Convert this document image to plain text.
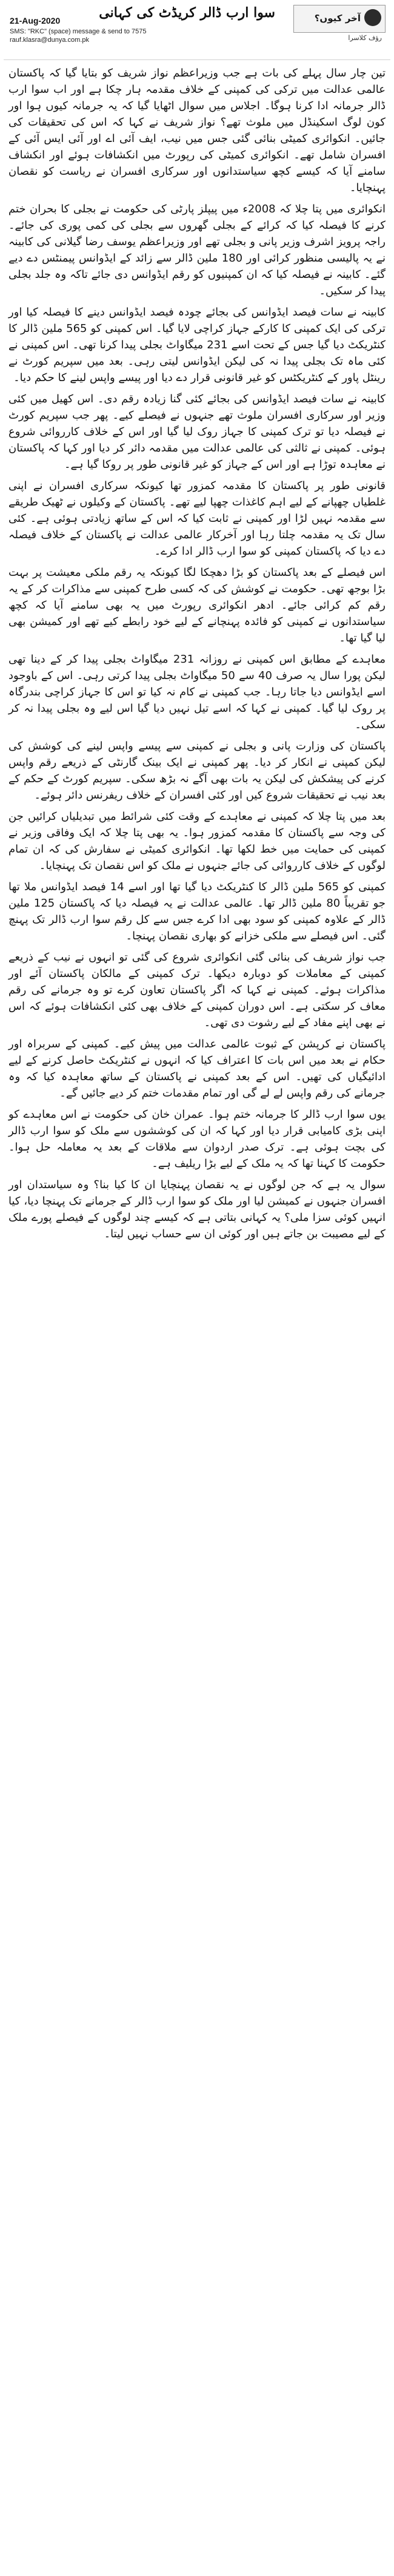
آخر کیوں؟
رؤف کلاسرا
سوا ارب ڈالر کریڈٹ کی کہانی
21-Aug-2020
SMS: "RKC" (space) message & send to 7575
rauf.klasra@dunya.com.pk

تین چار سال پہلے کی بات ہے جب وزیراعظم نواز شریف کو بتایا گیا کہ پاکستان عالمی عدالت میں ترکی کی کمپنی کے خلاف مقدمہ ہار چکا ہے اور اب سوا ارب ڈالر جرمانہ ادا کرنا ہوگا۔ اجلاس میں سوال اٹھایا گیا کہ یہ جرمانہ کیوں ہوا اور کون لوگ اسکینڈل میں ملوث تھے؟ نواز شریف نے کہا کہ اس کی تحقیقات کی جائیں۔ انکوائری کمیٹی بنائی گئی جس میں نیب، ایف آئی اے اور آئی ایس آئی کے افسران شامل تھے۔ انکوائری کمیٹی کی رپورٹ میں انکشافات ہوئے اور انکشاف سامنے آیا کہ کیسے کچھ سیاستدانوں اور سرکاری افسران نے ریاست کو نقصان پہنچایا۔

انکوائری میں پتا چلا کہ 2008ء میں پیپلز پارٹی کی حکومت نے بجلی کا بحران ختم کرنے کا فیصلہ کیا کہ کرائے کے بجلی گھروں سے بجلی کی کمی پوری کی جائے۔ راجہ پرویز اشرف وزیر پانی و بجلی تھے اور وزیراعظم یوسف رضا گیلانی کی کابینہ نے یہ پالیسی منظور کرائی اور 180 ملین ڈالر سے زائد کے ایڈوانس پیمنٹس دے دیے گئے۔ کابینہ نے فیصلہ کیا کہ ان کمپنیوں کو رقم ایڈوانس دی جائے تاکہ وہ جلد بجلی پیدا کر سکیں۔

کابینہ نے سات فیصد ایڈوانس کی بجائے چودہ فیصد ایڈوانس دینے کا فیصلہ کیا اور ترکی کی ایک کمپنی کا کارکے جہاز کراچی لایا گیا۔ اس کمپنی کو 565 ملین ڈالر کا کنٹریکٹ دیا گیا جس کے تحت اسے 231 میگاواٹ بجلی پیدا کرنا تھی۔ اس کمپنی نے کئی ماہ تک بجلی پیدا نہ کی لیکن ایڈوانس لیتی رہی۔ بعد میں سپریم کورٹ نے رینٹل پاور کے کنٹریکٹس کو غیر قانونی قرار دے دیا اور پیسے واپس لینے کا حکم دیا۔

کابینہ نے سات فیصد ایڈوانس کی بجائے کئی گنا زیادہ رقم دی۔ اس کھیل میں کئی وزیر اور سرکاری افسران ملوث تھے جنہوں نے فیصلے کیے۔ پھر جب سپریم کورٹ نے فیصلہ دیا تو ترک کمپنی کا جہاز روک لیا گیا اور اس کے خلاف کارروائی شروع ہوئی۔ کمپنی نے ثالثی کی عالمی عدالت میں مقدمہ دائر کر دیا اور کہا کہ پاکستان نے معاہدہ توڑا ہے اور اس کے جہاز کو غیر قانونی طور پر روکا گیا ہے۔

قانونی طور پر پاکستان کا مقدمہ کمزور تھا کیونکہ سرکاری افسران نے اپنی غلطیاں چھپانے کے لیے اہم کاغذات چھپا لیے تھے۔ پاکستان کے وکیلوں نے ٹھیک طریقے سے مقدمہ نہیں لڑا اور کمپنی نے ثابت کیا کہ اس کے ساتھ زیادتی ہوئی ہے۔ کئی سال تک یہ مقدمہ چلتا رہا اور آخرکار عالمی عدالت نے پاکستان کے خلاف فیصلہ دے دیا کہ پاکستان کمپنی کو سوا ارب ڈالر ادا کرے۔

اس فیصلے کے بعد پاکستان کو بڑا دھچکا لگا کیونکہ یہ رقم ملکی معیشت پر بہت بڑا بوجھ تھی۔ حکومت نے کوشش کی کہ کسی طرح کمپنی سے مذاکرات کر کے یہ رقم کم کرائی جائے۔ ادھر انکوائری رپورٹ میں یہ بھی سامنے آیا کہ کچھ سیاستدانوں نے کمپنی کو فائدہ پہنچانے کے لیے خود رابطے کیے تھے اور کمیشن بھی لیا گیا تھا۔

معاہدے کے مطابق اس کمپنی نے روزانہ 231 میگاواٹ بجلی پیدا کر کے دینا تھی لیکن پورا سال یہ صرف 40 سے 50 میگاواٹ بجلی پیدا کرتی رہی۔ اس کے باوجود اسے ایڈوانس دیا جاتا رہا۔ جب کمپنی نے کام نہ کیا تو اس کا جہاز کراچی بندرگاہ پر روک لیا گیا۔ کمپنی نے کہا کہ اسے تیل نہیں دیا گیا اس لیے وہ بجلی پیدا نہ کر سکی۔

پاکستان کی وزارت پانی و بجلی نے کمپنی سے پیسے واپس لینے کی کوشش کی لیکن کمپنی نے انکار کر دیا۔ پھر کمپنی نے ایک بینک گارنٹی کے ذریعے رقم واپس کرنے کی پیشکش کی لیکن یہ بات بھی آگے نہ بڑھ سکی۔ سپریم کورٹ کے حکم کے بعد نیب نے تحقیقات شروع کیں اور کئی افسران کے خلاف ریفرنس دائر ہوئے۔

بعد میں پتا چلا کہ کمپنی نے معاہدے کے وقت کئی شرائط میں تبدیلیاں کرائیں جن کی وجہ سے پاکستان کا مقدمہ کمزور ہوا۔ یہ بھی پتا چلا کہ ایک وفاقی وزیر نے کمپنی کی حمایت میں خط لکھا تھا۔ انکوائری کمیٹی نے سفارش کی کہ ان تمام لوگوں کے خلاف کارروائی کی جائے جنہوں نے ملک کو اس نقصان تک پہنچایا۔

کمپنی کو 565 ملین ڈالر کا کنٹریکٹ دیا گیا تھا اور اسے 14 فیصد ایڈوانس ملا تھا جو تقریباً 80 ملین ڈالر تھا۔ عالمی عدالت نے یہ فیصلہ دیا کہ پاکستان 125 ملین ڈالر کے علاوہ کمپنی کو سود بھی ادا کرے جس سے کل رقم سوا ارب ڈالر تک پہنچ گئی۔ اس فیصلے سے ملکی خزانے کو بھاری نقصان پہنچا۔

جب نواز شریف کی بنائی گئی انکوائری شروع کی گئی تو انہوں نے نیب کے ذریعے کمپنی کے معاملات کو دوبارہ دیکھا۔ ترک کمپنی کے مالکان پاکستان آئے اور مذاکرات ہوئے۔ کمپنی نے کہا کہ اگر پاکستان تعاون کرے تو وہ جرمانے کی رقم معاف کر سکتی ہے۔ اس دوران کمپنی کے خلاف بھی کئی انکشافات ہوئے کہ اس نے بھی اپنے مفاد کے لیے رشوت دی تھی۔

پاکستان نے کرپشن کے ثبوت عالمی عدالت میں پیش کیے۔ کمپنی کے سربراہ اور حکام نے بعد میں اس بات کا اعتراف کیا کہ انہوں نے کنٹریکٹ حاصل کرنے کے لیے ادائیگیاں کی تھیں۔ اس کے بعد کمپنی نے پاکستان کے ساتھ معاہدہ کیا کہ وہ جرمانے کی رقم واپس لے لے گی اور تمام مقدمات ختم کر دیے جائیں گے۔

یوں سوا ارب ڈالر کا جرمانہ ختم ہوا۔ عمران خان کی حکومت نے اس معاہدے کو اپنی بڑی کامیابی قرار دیا اور کہا کہ ان کی کوششوں سے ملک کو سوا ارب ڈالر کی بچت ہوئی ہے۔ ترک صدر اردوان سے ملاقات کے بعد یہ معاملہ حل ہوا۔ حکومت کا کہنا تھا کہ یہ ملک کے لیے بڑا ریلیف ہے۔

سوال یہ ہے کہ جن لوگوں نے یہ نقصان پہنچایا ان کا کیا بنا؟ وہ سیاستدان اور افسران جنہوں نے کمیشن لیا اور ملک کو سوا ارب ڈالر کے جرمانے تک پہنچا دیا، کیا انہیں کوئی سزا ملی؟ یہ کہانی بتاتی ہے کہ کیسے چند لوگوں کے فیصلے پورے ملک کے لیے مصیبت بن جاتے ہیں اور کوئی ان سے حساب نہیں لیتا۔
